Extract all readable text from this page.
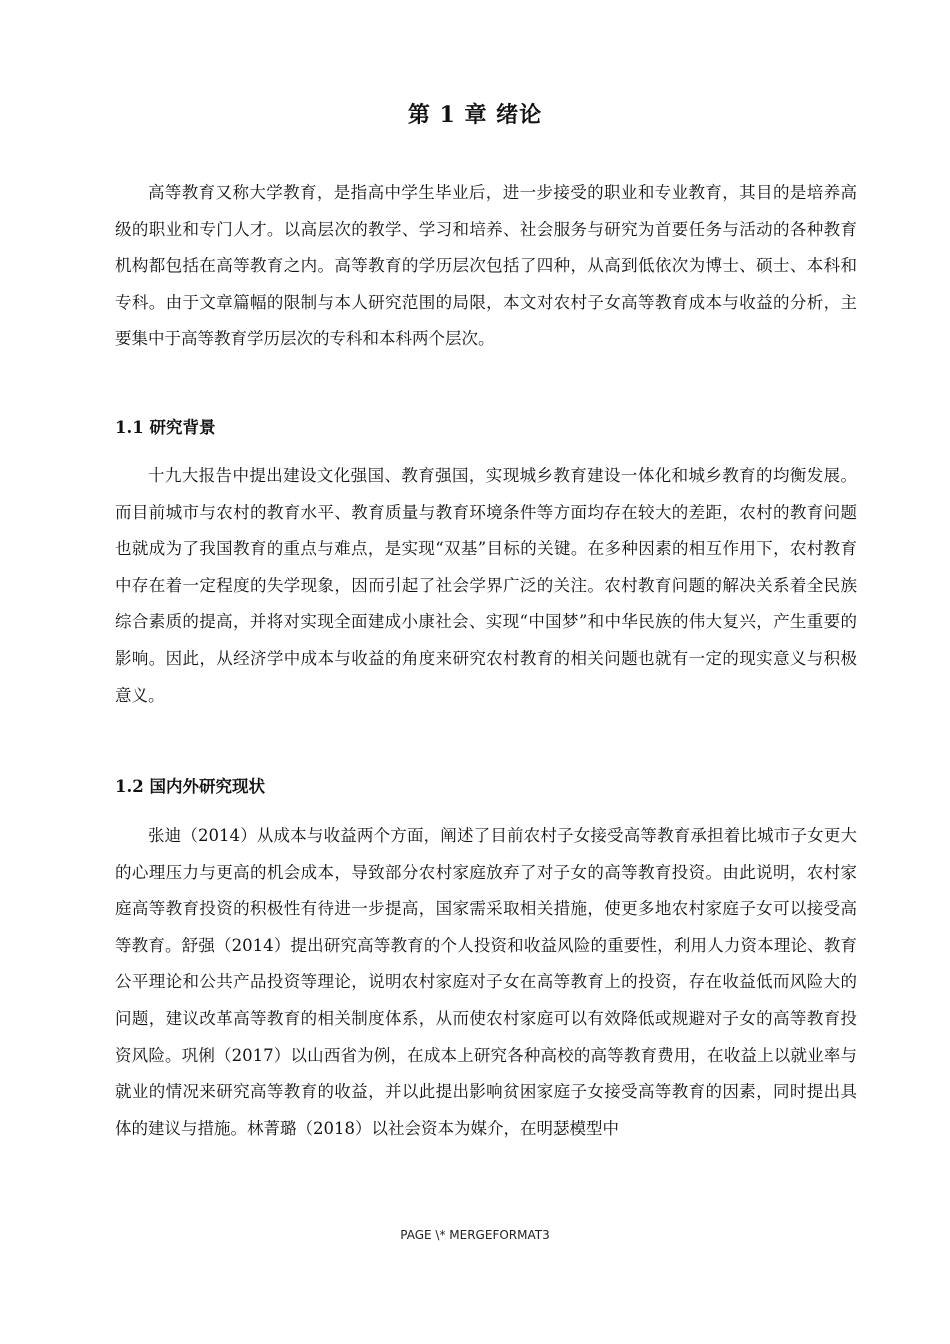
第 1 章 绪论

高等教育又称大学教育，是指高中学生毕业后，进一步接受的职业和专业教育，其目的是培养高级的职业和专门人才。以高层次的教学、学习和培养、社会服务与研究为首要任务与活动的各种教育机构都包括在高等教育之内。高等教育的学历层次包括了四种，从高到低依次为博士、硕士、本科和专科。由于文章篇幅的限制与本人研究范围的局限，本文对农村子女高等教育成本与收益的分析，主要集中于高等教育学历层次的专科和本科两个层次。

1.1 研究背景

十九大报告中提出建设文化强国、教育强国，实现城乡教育建设一体化和城乡教育的均衡发展。而目前城市与农村的教育水平、教育质量与教育环境条件等方面均存在较大的差距，农村的教育问题也就成为了我国教育的重点与难点，是实现“双基”目标的关键。在多种因素的相互作用下，农村教育中存在着一定程度的失学现象，因而引起了社会学界广泛的关注。农村教育问题的解决关系着全民族综合素质的提高，并将对实现全面建成小康社会、实现“中国梦”和中华民族的伟大复兴，产生重要的影响。因此，从经济学中成本与收益的角度来研究农村教育的相关问题也就有一定的现实意义与积极意义。

1.2 国内外研究现状

张迪（2014）从成本与收益两个方面，阐述了目前农村子女接受高等教育承担着比城市子女更大的心理压力与更高的机会成本，导致部分农村家庭放弃了对子女的高等教育投资。由此说明，农村家庭高等教育投资的积极性有待进一步提高，国家需采取相关措施，使更多地农村家庭子女可以接受高等教育。舒强（2014）提出研究高等教育的个人投资和收益风险的重要性，利用人力资本理论、教育公平理论和公共产品投资等理论，说明农村家庭对子女在高等教育上的投资，存在收益低而风险大的问题，建议改革高等教育的相关制度体系，从而使农村家庭可以有效降低或规避对子女的高等教育投资风险。巩俐（2017）以山西省为例，在成本上研究各种高校的高等教育费用，在收益上以就业率与就业的情况来研究高等教育的收益，并以此提出影响贫困家庭子女接受高等教育的因素，同时提出具体的建议与措施。林菁璐（2018）以社会资本为媒介，在明瑟模型中

PAGE \* MERGEFORMAT3
